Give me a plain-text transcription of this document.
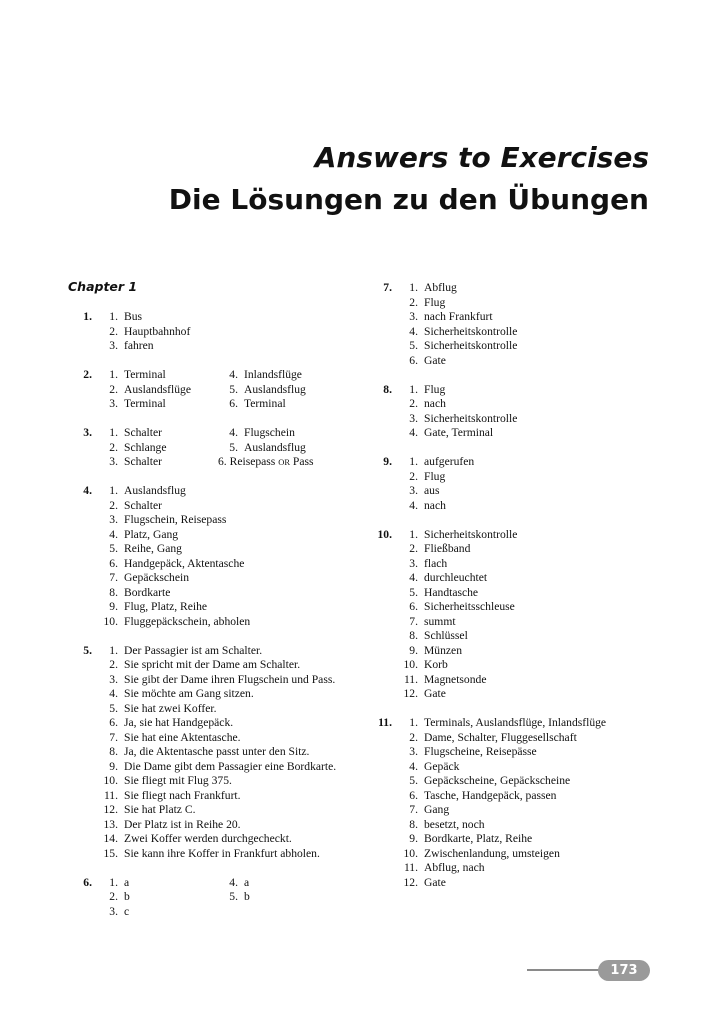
Answers to Exercises
Die Lösungen zu den Übungen
Chapter 1
1.	1. Bus
2. Hauptbahnhof
3. fahren
2.	1. Terminal
2. Auslandsflüge
3. Terminal
4. Inlandsflüge
5. Auslandsflug
6. Terminal
3.	1. Schalter
2. Schlange
3. Schalter
4. Flugschein
5. Auslandsflug
6. Reisepass OR Pass
4.	1. Auslandsflug
2. Schalter
3. Flugschein, Reisepass
4. Platz, Gang
5. Reihe, Gang
6. Handgepäck, Aktentasche
7. Gepäckschein
8. Bordkarte
9. Flug, Platz, Reihe
10. Fluggepäckschein, abholen
5.	1. Der Passagier ist am Schalter.
2. Sie spricht mit der Dame am Schalter.
3. Sie gibt der Dame ihren Flugschein und Pass.
4. Sie möchte am Gang sitzen.
5. Sie hat zwei Koffer.
6. Ja, sie hat Handgepäck.
7. Sie hat eine Aktentasche.
8. Ja, die Aktentasche passt unter den Sitz.
9. Die Dame gibt dem Passagier eine Bordkarte.
10. Sie fliegt mit Flug 375.
11. Sie fliegt nach Frankfurt.
12. Sie hat Platz C.
13. Der Platz ist in Reihe 20.
14. Zwei Koffer werden durchgecheckt.
15. Sie kann ihre Koffer in Frankfurt abholen.
6.	1. a
2. b
3. c
4. a
5. b
7.	1. Abflug
2. Flug
3. nach Frankfurt
4. Sicherheitskontrolle
5. Sicherheitskontrolle
6. Gate
8.	1. Flug
2. nach
3. Sicherheitskontrolle
4. Gate, Terminal
9.	1. aufgerufen
2. Flug
3. aus
4. nach
10.	1. Sicherheitskontrolle
2. Fließband
3. flach
4. durchleuchtet
5. Handtasche
6. Sicherheitsschleuse
7. summt
8. Schlüssel
9. Münzen
10. Korb
11. Magnetsonde
12. Gate
11.	1. Terminals, Auslandsflüge, Inlandsflüge
2. Dame, Schalter, Fluggesellschaft
3. Flugscheine, Reisepässe
4. Gepäck
5. Gepäckscheine, Gepäckscheine
6. Tasche, Handgepäck, passen
7. Gang
8. besetzt, noch
9. Bordkarte, Platz, Reihe
10. Zwischenlandung, umsteigen
11. Abflug, nach
12. Gate
173
